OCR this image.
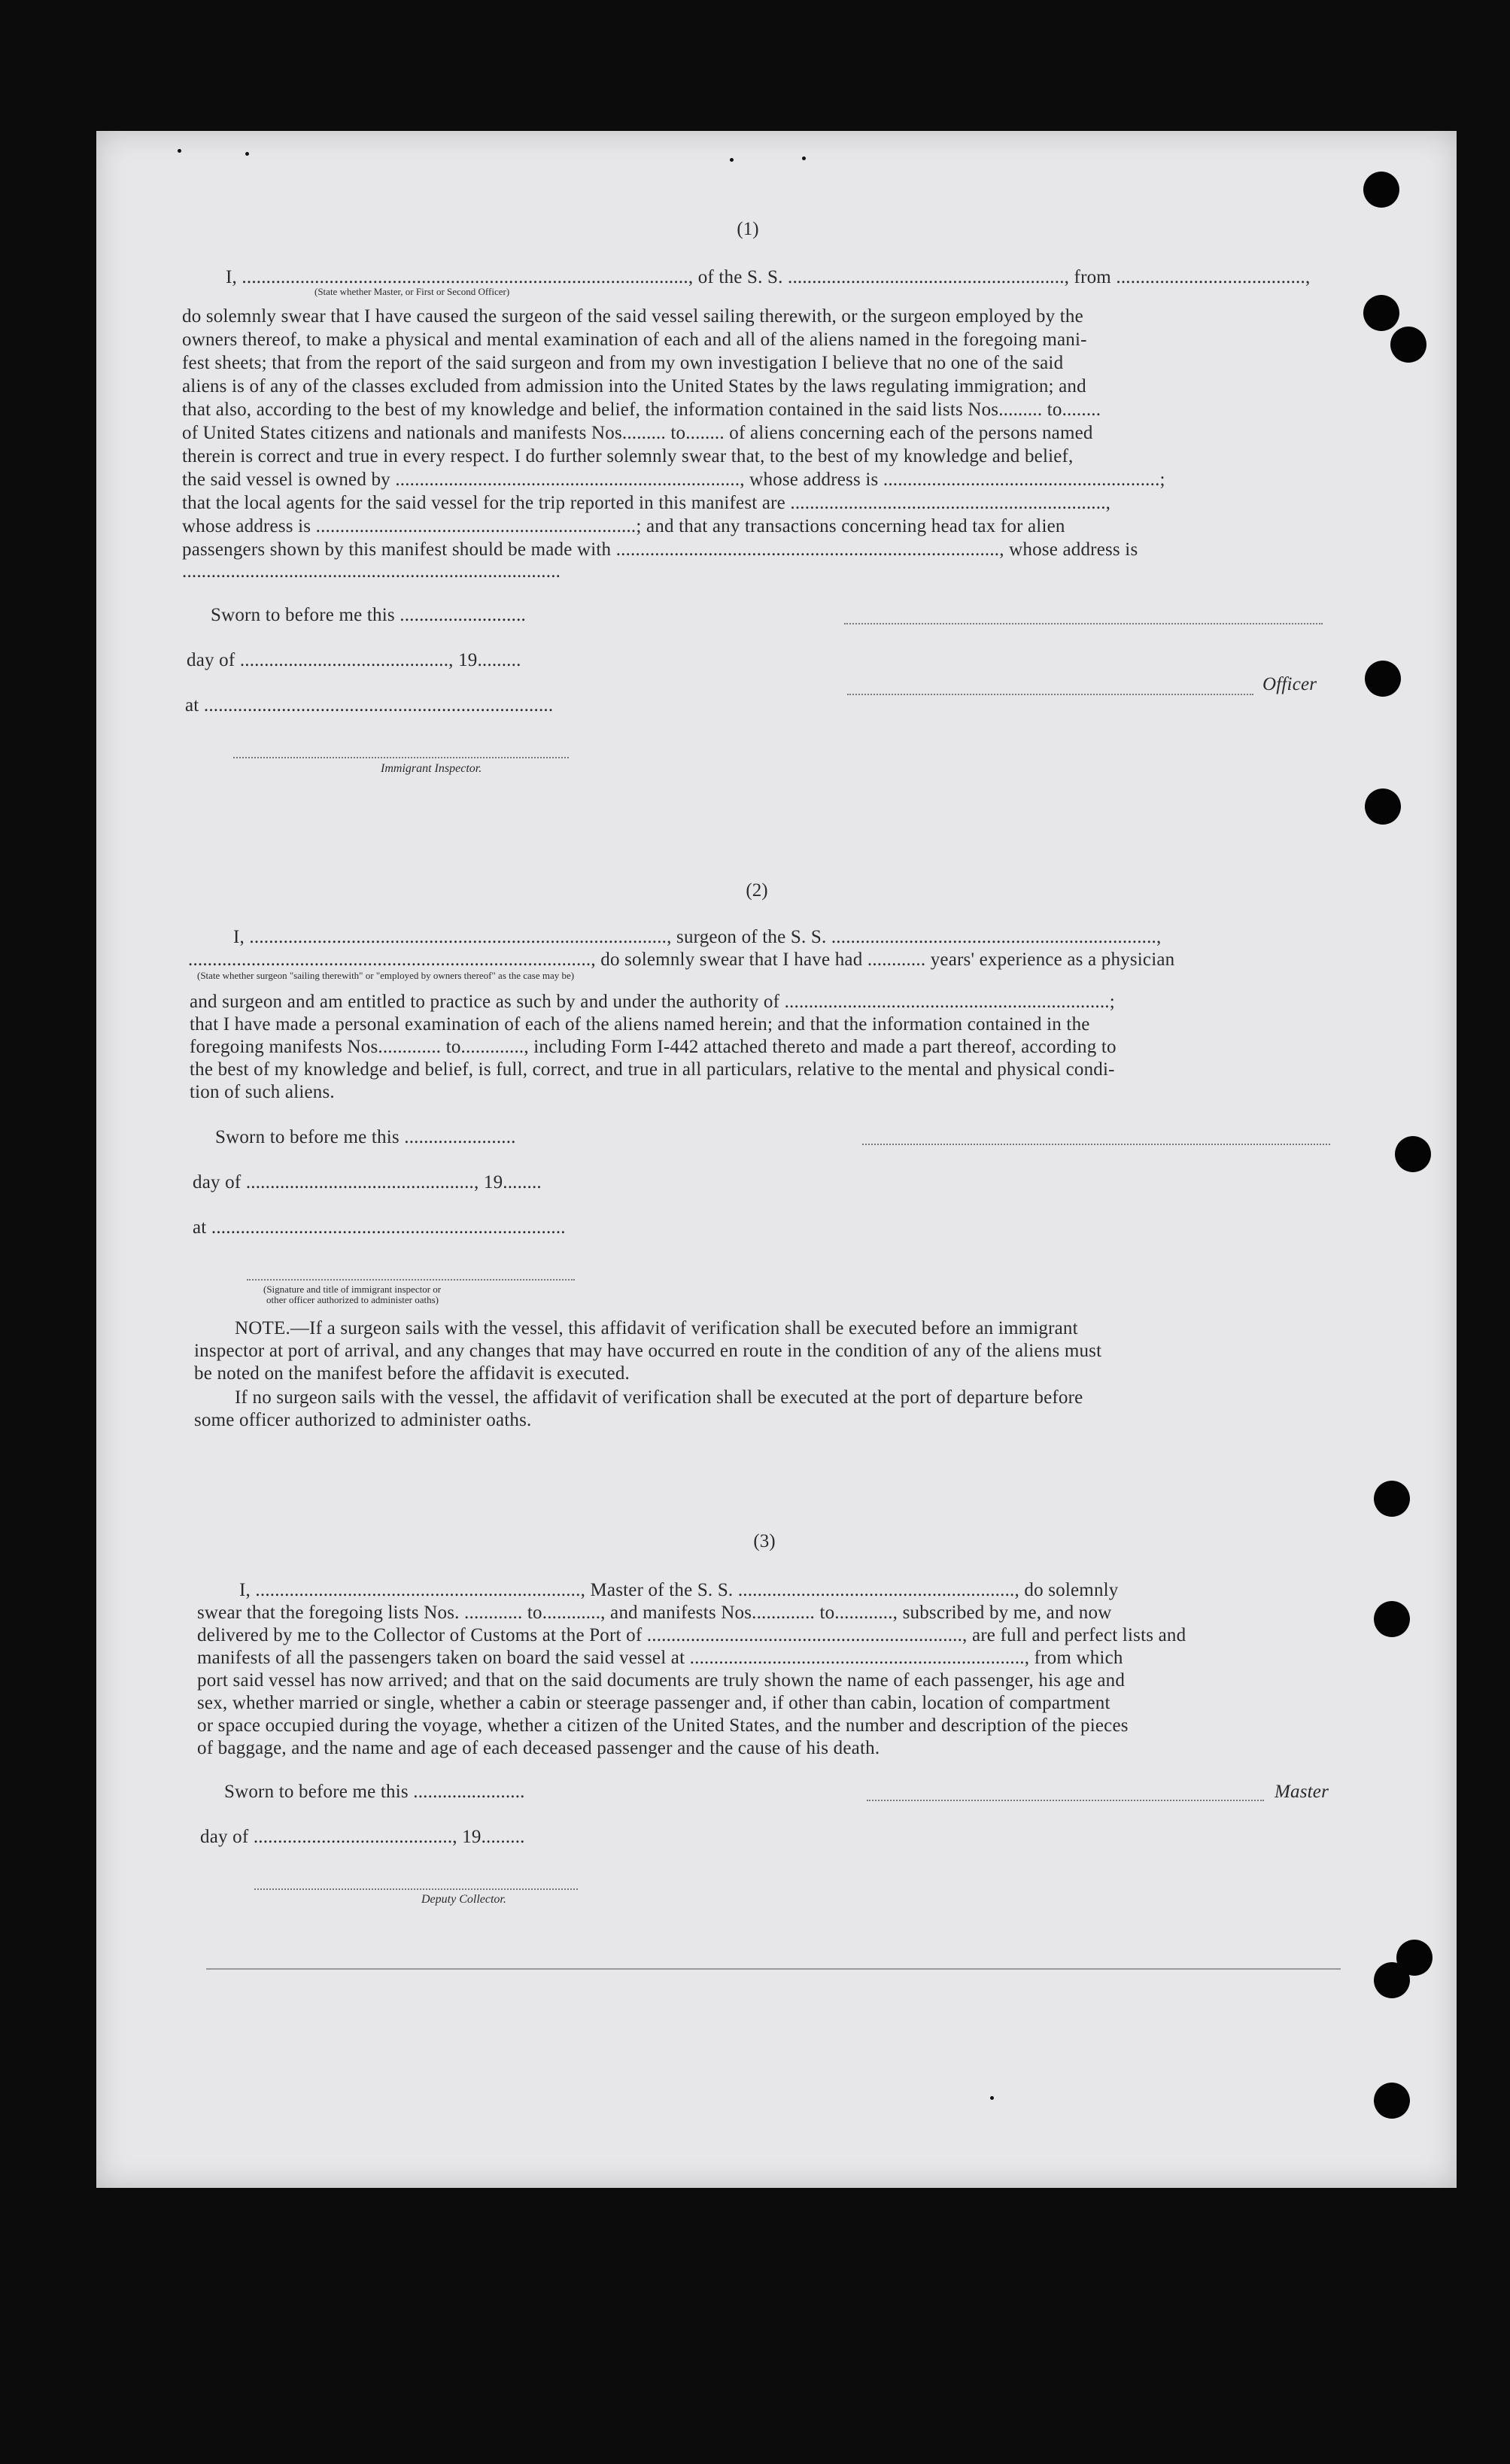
(1)
I, ............................................................................................, of the S. S. ........................................................., from .......................................,
(State whether Master, or First or Second Officer)
do solemnly swear that I have caused the surgeon of the said vessel sailing therewith, or the surgeon employed by the
owners thereof, to make a physical and mental examination of each and all of the aliens named in the foregoing mani-
fest sheets; that from the report of the said surgeon and from my own investigation I believe that no one of the said
aliens is of any of the classes excluded from admission into the United States by the laws regulating immigration; and
that also, according to the best of my knowledge and belief, the information contained in the said lists Nos......... to........
of United States citizens and nationals and manifests Nos......... to........ of aliens concerning each of the persons named
therein is correct and true in every respect. I do further solemnly swear that, to the best of my knowledge and belief,
the said vessel is owned by ......................................................................., whose address is .........................................................;
that the local agents for the said vessel for the trip reported in this manifest are .................................................................,
whose address is ..................................................................; and that any transactions concerning head tax for alien
passengers shown by this manifest should be made with ..............................................................................., whose address is
..............................................................................
Sworn to before me this ..........................
day of ..........................................., 19.........
Officer
at ........................................................................
Immigrant Inspector.
(2)
I, ......................................................................................, surgeon of the S. S. ...................................................................,
..................................................................................., do solemnly swear that I have had ............ years' experience as a physician
(State whether surgeon "sailing therewith" or "employed by owners thereof" as the case may be)
and surgeon and am entitled to practice as such by and under the authority of ...................................................................;
that I have made a personal examination of each of the aliens named herein; and that the information contained in the
foregoing manifests Nos............. to............., including Form I-442 attached thereto and made a part thereof, according to
the best of my knowledge and belief, is full, correct, and true in all particulars, relative to the mental and physical condi-
tion of such aliens.
Sworn to before me this .......................
day of ..............................................., 19........
at .........................................................................
(Signature and title of immigrant inspector or
other officer authorized to administer oaths)
NOTE.—If a surgeon sails with the vessel, this affidavit of verification shall be executed before an immigrant
inspector at port of arrival, and any changes that may have occurred en route in the condition of any of the aliens must
be noted on the manifest before the affidavit is executed.
If no surgeon sails with the vessel, the affidavit of verification shall be executed at the port of departure before
some officer authorized to administer oaths.
(3)
I, ..................................................................., Master of the S. S. ........................................................., do solemnly
swear that the foregoing lists Nos. ............ to............, and manifests Nos............. to............, subscribed by me, and now
delivered by me to the Collector of Customs at the Port of ................................................................., are full and perfect lists and
manifests of all the passengers taken on board the said vessel at ....................................................................., from which
port said vessel has now arrived; and that on the said documents are truly shown the name of each passenger, his age and
sex, whether married or single, whether a cabin or steerage passenger and, if other than cabin, location of compartment
or space occupied during the voyage, whether a citizen of the United States, and the number and description of the pieces
of baggage, and the name and age of each deceased passenger and the cause of his death.
Sworn to before me this .......................	Master
day of ........................................., 19.........
Deputy Collector.
